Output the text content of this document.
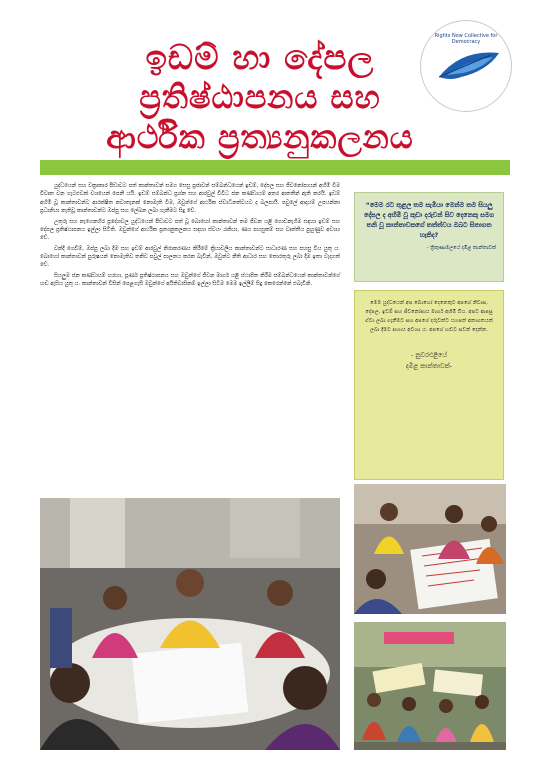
ඉඩම් හා දේපල
ප්‍රතිෂ්ඨාපනය සහ
ආර්ථික ප්‍රත්‍යනුකලනය
Rights Now Collective for Democracy

යුද්ධයෙන් සහ වක්‍රාකාර පීඩාවට පත් කාන්තාවන් සමග සෙසු ප්‍රජාවන් සම්බන්ධයෙන් ඉඩම්, දේපල සහ ජීවනෝපායන් අහිමි වීම විවෘත වන ගැටළුවක් වශයෙන් පෙනී යයි. ඉඩම් සම්බන්ධ ප්‍රශ්න සහ ආරවුල් විවිධ ජන කණ්ඩායම් අතර ආතතීන් ඇති කරයි. ඉඩම් අහිමි වූ කාන්තාවන්ට ආරක්ෂිත නවාතැනක් නොමැති වීම, ඔවුන්ගේ ආර්ථික ස්වාධීනත්වයට ද බලපායි. පවුලේ ආදායම් උපයන්නා ප්‍රධානියා නැතිවූ කාන්තාවන්ට ඔප්පු සහ ලේඛන ලබා ගැනීමට සිදු වේ.

උතුරු සහ නැගෙනහිර ප්‍රදේශවල යුද්ධයෙන් පීඩාවට පත් වූ බොහෝ කාන්තාවන් තම ජීවන යළි ගොඩනැගීම සඳහා ඉඩම් සහ දේපල ප්‍රතිෂ්ඨාපනය ඉල්ලා සිටිති. ඔවුන්ගේ ආර්ථික ප්‍රත්‍යනුකලනය සඳහා ස්වයං රැකියා, ණය පහසුකම් සහ වෘත්තීය පුහුණුව අවශ්‍ය වේ.

වන්දි ගෙවීම්, ඔප්පු ලබා දීම සහ ඉඩම් ආරවුල් නිරාකරණය කිරීමේ ක්‍රියාවලිය කාන්තාවන්ට සාධාරණ සහ පහසු විය යුතු ය. බොහෝ කාන්තාවන් පුරුෂයන් නොමැතිව තනිව පවුල් පාලනය කරන බැවින්, ඔවුන්ට නීති ආධාර සහ තොරතුරු ලබා දීම ඉතා වැදගත් වේ.

සියලුම ජන කණ්ඩායම් හරහා, පූර්ණ ප්‍රතිෂ්ඨාපනය සහ ඔවුන්ගේ ජීවන මාර්ග යළි ස්ථාපිත කිරීම සම්බන්ධයෙන් කාන්තාවන්ගේ හඬ ඇසිය යුතු ය. කාන්තාවන් විසින් පෙළගැසී ඔවුන්ගේ අයිතිවාසිකම් ඉල්ලා සිටීම මෙම ඉල්ලීම් සිදු කෙරෙන්නේ එබැවිනි.

“මෙම රට තුළල තම සැමියා මෙන්ම තම සියලු දේපල ද අහිමි වූ කුඩා දරුවන් සිව දෙනෙකු සමග තනි වූ කාන්තාවකගේ තත්ත්වය ඔබට සිතාගත හැකිද?
- ත්‍රිකුණාමලයේ දමිළ කාන්තාවක්
මෙම යුද්ධයෙන් අප බොහෝ දෙනෙකුට අපගේ නිවාස, දේපල, ඉඩම් සහ ජීවනෝපාය මාර්ග අහිමි විය. අපට ආපසු ඒවා ලබා ගැනීමට සහ අපගේ දරුවන්ට යහපත් අනාගතයක් ලබා දීමට සහාය අවශ්‍ය ය. අපගේ හඬට සවන් දෙන්න.
- නුවරඑළියේ
දමිළ කාන්තාවක්-
